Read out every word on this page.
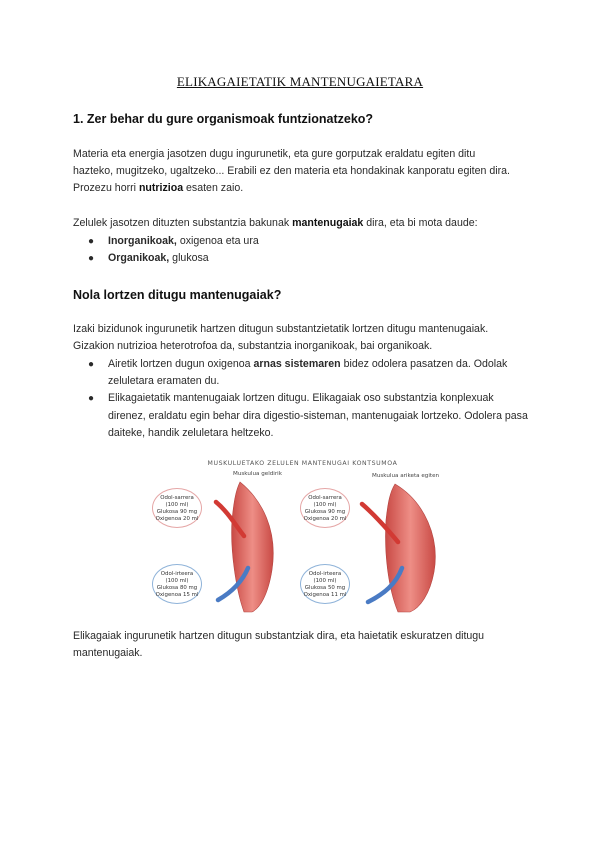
ELIKAGAIETATIK MANTENUGAIETARA
1. Zer behar du gure organismoak funtzionatzeko?
Materia eta energia jasotzen dugu ingurunetik, eta gure gorputzak eraldatu egiten ditu
hazteko, mugitzeko, ugaltzeko... Erabili ez den materia eta hondakinak kanporatu egiten dira.
Prozezu horri nutrizioa esaten zaio.
Zelulek jasotzen dituzten substantzia bakunak mantenugaiak dira, eta bi mota daude:
● Inorganikoak, oxigenoa eta ura
● Organikoak, glukosa
Nola lortzen ditugu mantenugaiak?
Izaki bizidunok ingurunetik hartzen ditugun substantzietatik lortzen ditugu mantenugaiak.
Gizakion nutrizioa heterotrofoa da, substantzia inorganikoak, bai organikoak.
● Airetik lortzen dugun oxigenoa arnas sistemaren bidez odolera pasatzen da. Odolak zeluletara eramaten du.
● Elikagaietatik mantenugaiak lortzen ditugu. Elikagaiak oso substantzia konplexuak direnez, eraldatu egin behar dira digestio-sisteman, mantenugaiak lortzeko. Odolera pasa daiteke, handik zeluletara heltzeko.
MUSKULUETAKO ZELULEN MANTENUGAI KONTSUMOA
Muskulua geldirik	Muskulua ariketa egiten
Odol-sarrera
(100 ml)
Glukosa 90 mg
Oxigenoa 20 ml
Odol-irteera
(100 ml)
Glukosa 80 mg
Oxigenoa 15 ml
Odol-sarrera
(100 ml)
Glukosa 90 mg
Oxigenoa 20 ml
Odol-irteera
(100 ml)
Glukosa 50 mg
Oxigenoa 11 ml
Elikagaiak ingurunetik hartzen ditugun substantziak dira, eta haietatik eskuratzen ditugu
mantenugaiak.
